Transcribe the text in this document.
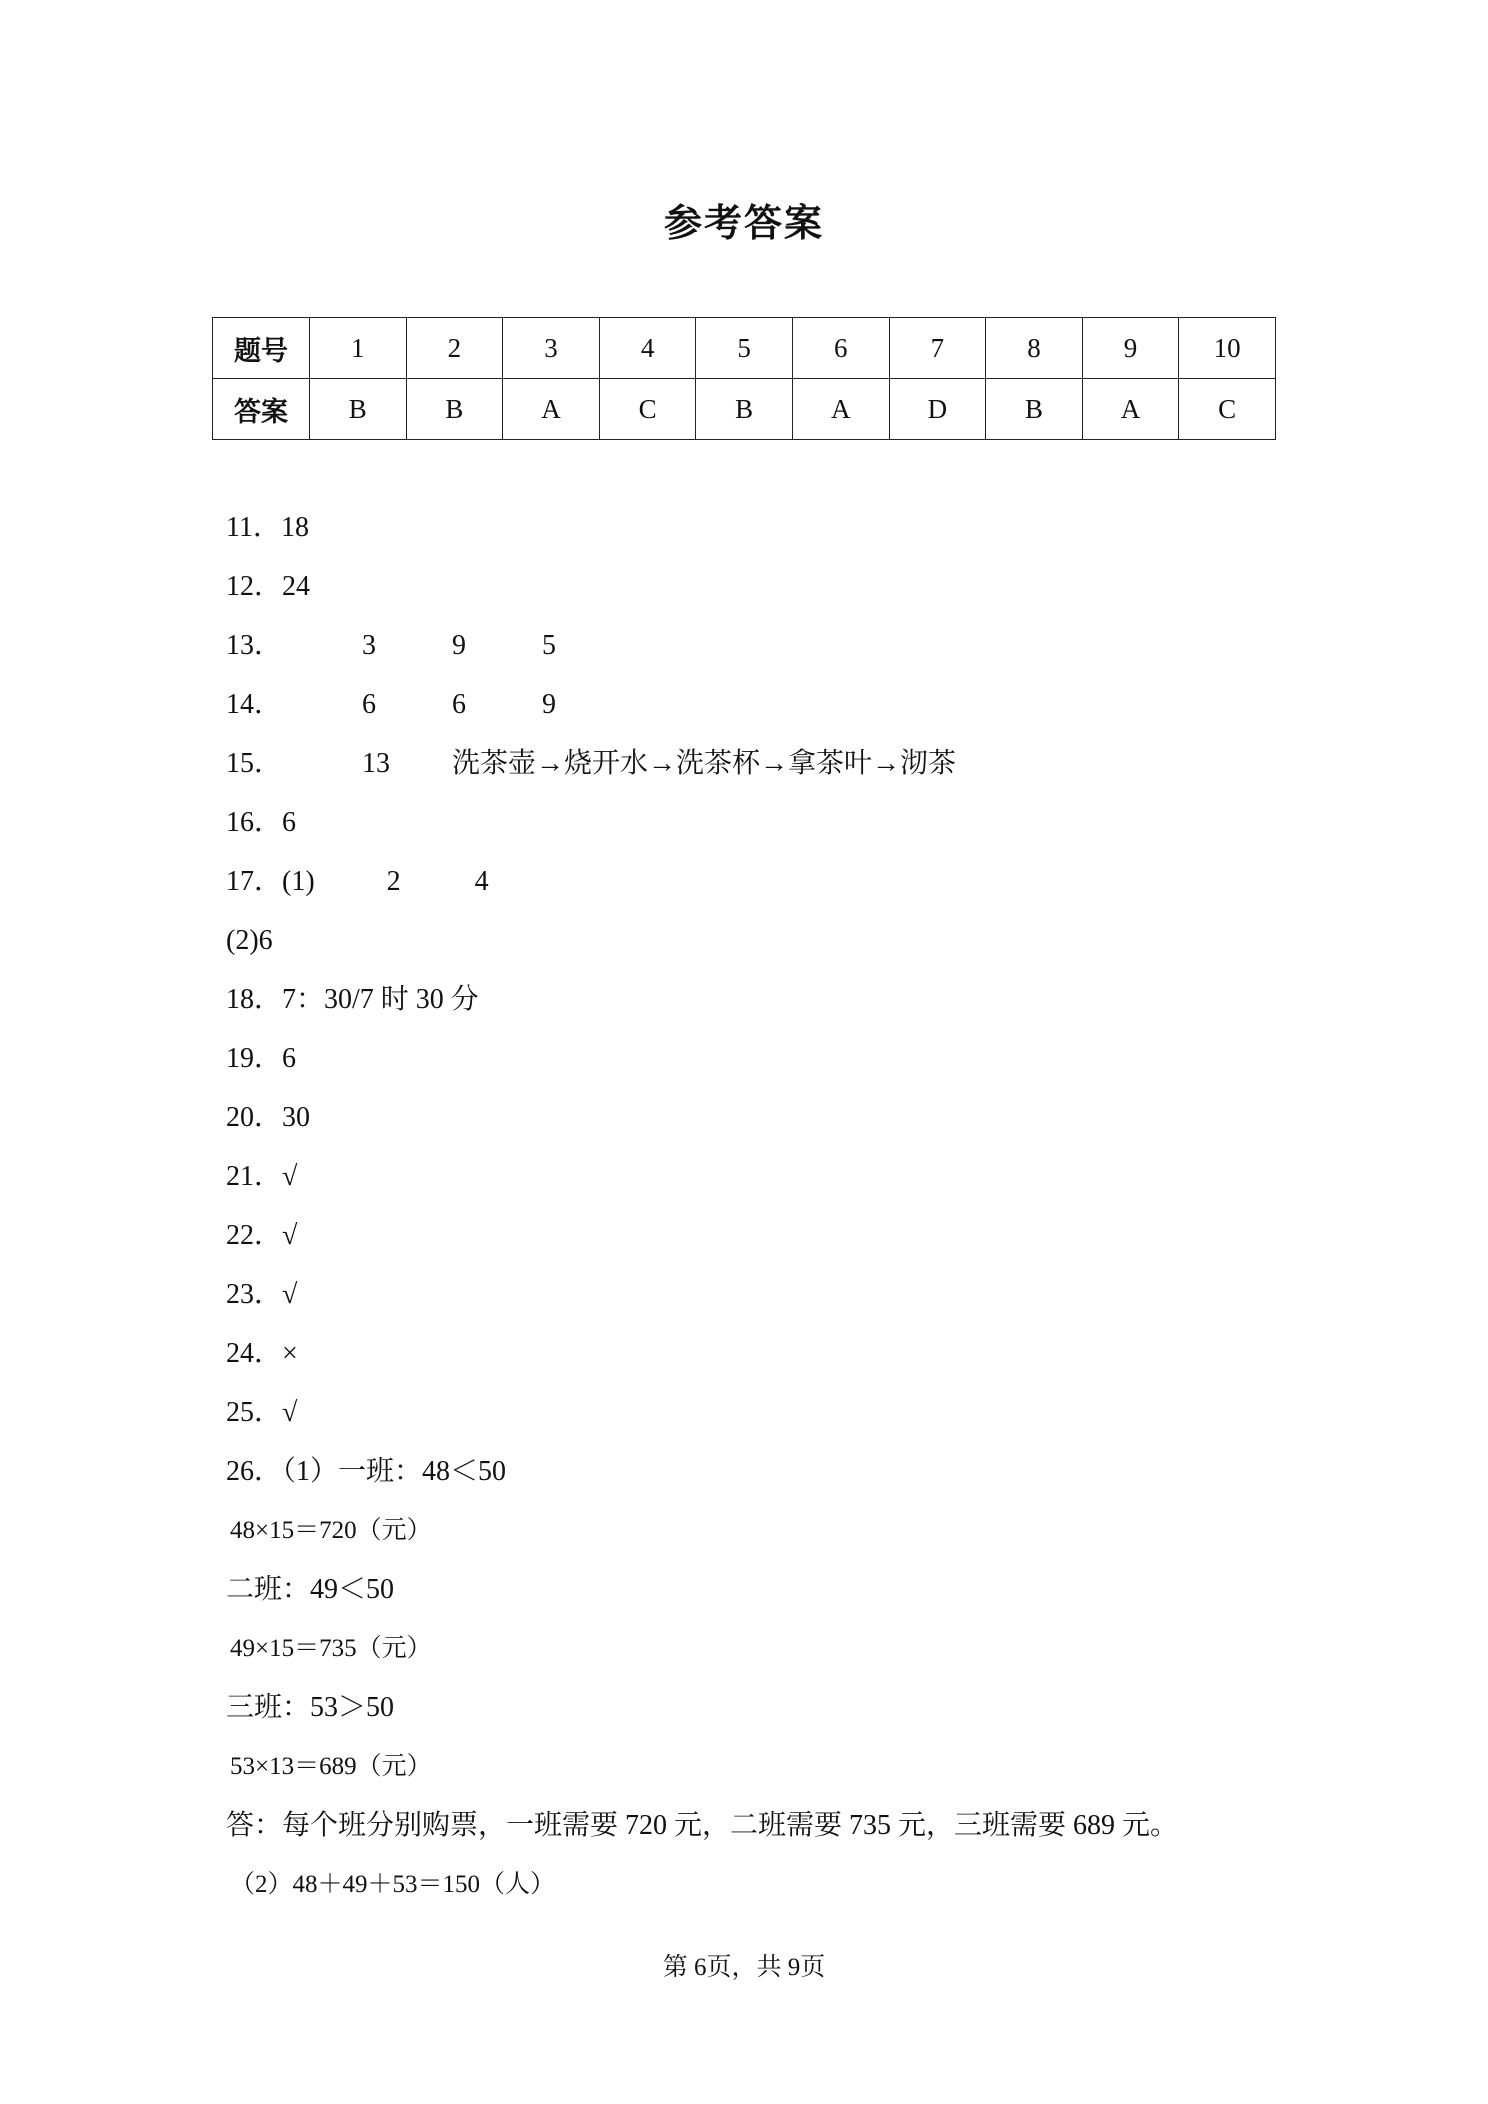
参考答案
题号	1	2	3	4	5	6	7	8	9	10
答案	B	B	A	C	B	A	D	B	A	C
11．18
12．24
13．	3	9	5
14．	6	6	9
15．	13 洗茶壶→烧开水→洗茶杯→拿茶叶→沏茶
16．6
17．(1)	2	4
(2)6
18．7：30/7 时 30 分
19．6
20．30
21．√
22．√
23．√
24．×
25．√
26．（1）一班：48＜50
48×15＝720（元）
二班：49＜50
49×15＝735（元）
三班：53＞50
53×13＝689（元）
答：每个班分别购票，一班需要 720 元，二班需要 735 元，三班需要 689 元。
（2）48＋49＋53＝150（人）
第 6页，共 9页
